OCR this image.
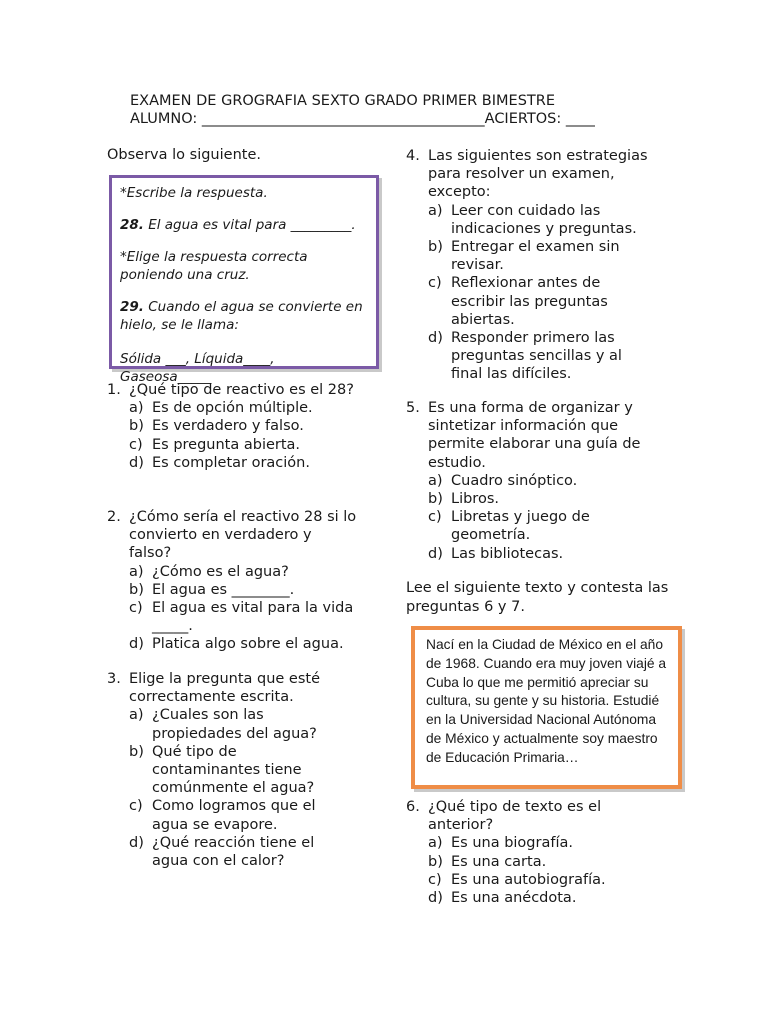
EXAMEN DE GROGRAFIA SEXTO GRADO PRIMER BIMESTRE
ALUMNO: _______________________________________ACIERTOS: ____
Observa lo siguiente.

*Escribe la respuesta.

28. El agua es vital para _________.

*Elige la respuesta correcta poniendo una cruz.

29. Cuando el agua se convierte en hielo, se le llama:

Sólida ___, Líquida____, Gaseosa_____

1. ¿Qué tipo de reactivo es el 28?
a) Es de opción múltiple.
b) Es verdadero y falso.
c) Es pregunta abierta.
d) Es completar oración.
2. ¿Cómo sería el reactivo 28 si lo convierto en verdadero y falso?
a) ¿Cómo es el agua?
b) El agua es ________.
c) El agua es vital para la vida _____.
d) Platica algo sobre el agua.
3. Elige la pregunta que esté correctamente escrita.
a) ¿Cuales son las propiedades del agua?
b) Qué tipo de contaminantes tiene comúnmente el agua?
c) Como logramos que el agua se evapore.
d) ¿Qué reacción tiene el agua con el calor?
4. Las siguientes son estrategias para resolver un examen, excepto:
a) Leer con cuidado las indicaciones y preguntas.
b) Entregar el examen sin revisar.
c) Reflexionar antes de escribir las preguntas abiertas.
d) Responder primero las preguntas sencillas y al final las difíciles.
5. Es una forma de organizar y sintetizar información que permite elaborar una guía de estudio.
a) Cuadro sinóptico.
b) Libros.
c) Libretas y juego de geometría.
d) Las bibliotecas.
Lee el siguiente texto y contesta las preguntas 6 y 7.
Nací en la Ciudad de México en el año de 1968. Cuando era muy joven viajé a Cuba lo que me permitió apreciar su cultura, su gente y su historia. Estudié en la Universidad Nacional Autónoma de México y actualmente soy maestro de Educación Primaria…
6. ¿Qué tipo de texto es el anterior?
a) Es una biografía.
b) Es una carta.
c) Es una autobiografía.
d) Es una anécdota.
